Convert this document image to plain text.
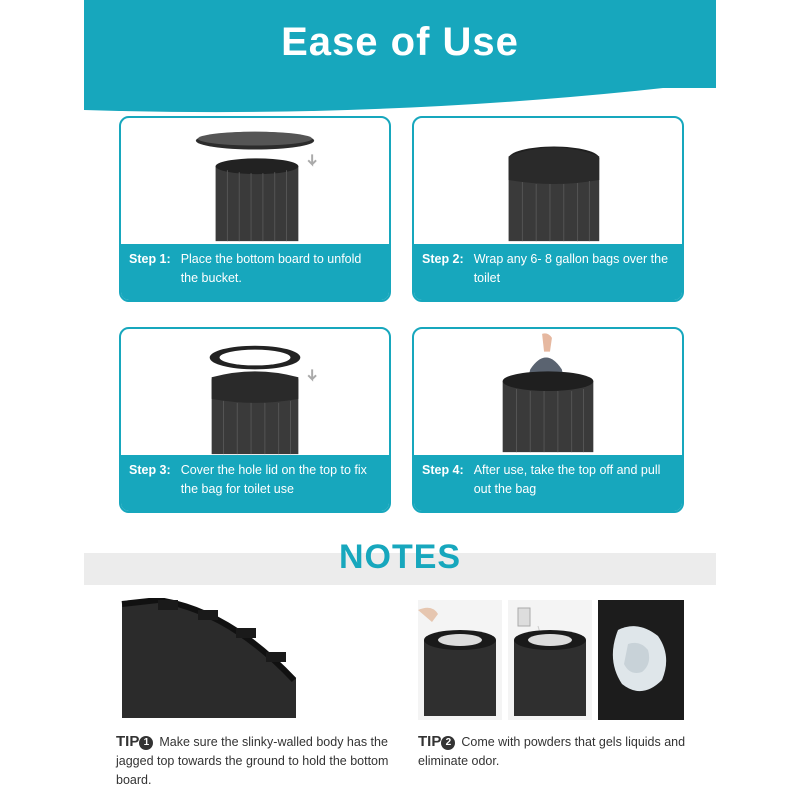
Ease of Use
Step 1: Place the bottom board to unfold the bucket.
Step 2: Wrap any 6- 8 gallon bags over the toilet
Step 3: Cover the hole lid on the top to fix the bag for toilet use
Step 4: After use, take the top off and pull out the bag
NOTES
TIP 1 Make sure the slinky-walled body has the jagged top towards the ground to hold the bottom board.
TIP 2 Come with powders that gels liquids and eliminate odor.
